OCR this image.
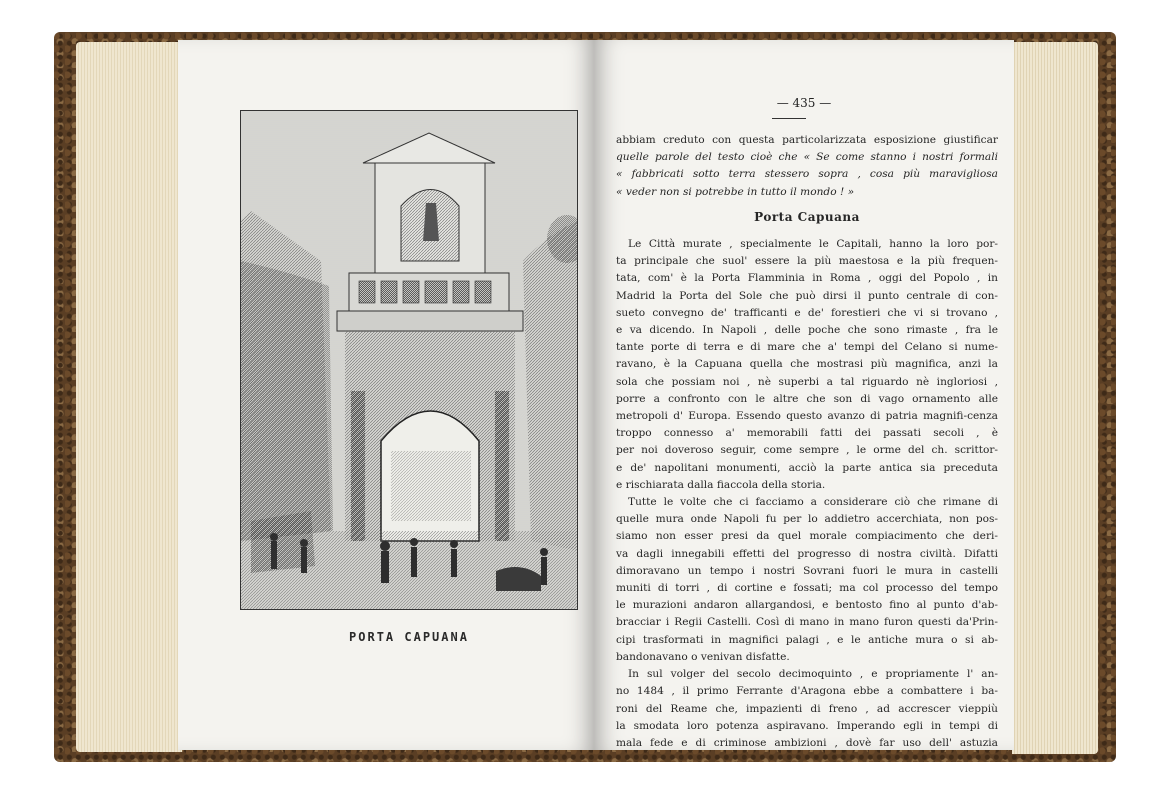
PORTA CAPUANA
— 435 —
abbiam creduto con questa particolarizzata esposizione giustificar
quelle parole del testo cioè che « Se come stanno i nostri formali
« fabbricati sotto terra stessero sopra , cosa più maravigliosa
« veder non si potrebbe in tutto il mondo ! »
Porta Capuana
Le Città murate , specialmente le Capitali, hanno la loro por-
ta principale che suol' essere la più maestosa e la più frequen-
tata, com' è la Porta Flamminia in Roma , oggi del Popolo , in
Madrid la Porta del Sole che può dirsi il punto centrale di con-
sueto convegno de' trafficanti e de' forestieri che vi si trovano ,
e va dicendo. In Napoli , delle poche che sono rimaste , fra le
tante porte di terra e di mare che a' tempi del Celano si nume-
ravano, è la Capuana quella che mostrasi più magnifica, anzi la
sola che possiam noi , nè superbi a tal riguardo nè ingloriosi ,
porre a confronto con le altre che son di vago ornamento alle
metropoli d' Europa. Essendo questo avanzo di patria magnifi-cenza
troppo connesso a' memorabili fatti dei passati secoli , è
per noi doveroso seguir, come sempre , le orme del ch. scrittor-
e de' napolitani monumenti, acciò la parte antica sia preceduta
e rischiarata dalla fiaccola della storia.
Tutte le volte che ci facciamo a considerare ciò che rimane di
quelle mura onde Napoli fu per lo addietro accerchiata, non pos-
siamo non esser presi da quel morale compiacimento che deri-
va dagli innegabili effetti del progresso di nostra civiltà. Difatti
dimoravano un tempo i nostri Sovrani fuori le mura in castelli
muniti di torri , di cortine e fossati; ma col processo del tempo
le murazioni andaron allargandosi, e bentosto fino al punto d'ab-
bracciar i Regii Castelli. Così di mano in mano furon questi da'Prin-
cipi trasformati in magnifici palagi , e le antiche mura o si ab-
bandonavano o venivan disfatte.
In sul volger del secolo decimoquinto , e propriamente l' an-
no 1484 , il primo Ferrante d'Aragona ebbe a combattere i ba-
roni del Reame che, impazienti di freno , ad accrescer vieppiù
la smodata loro potenza aspiravano. Imperando egli in tempi di
mala fede e di criminose ambizioni , dovè far uso dell' astuzia
